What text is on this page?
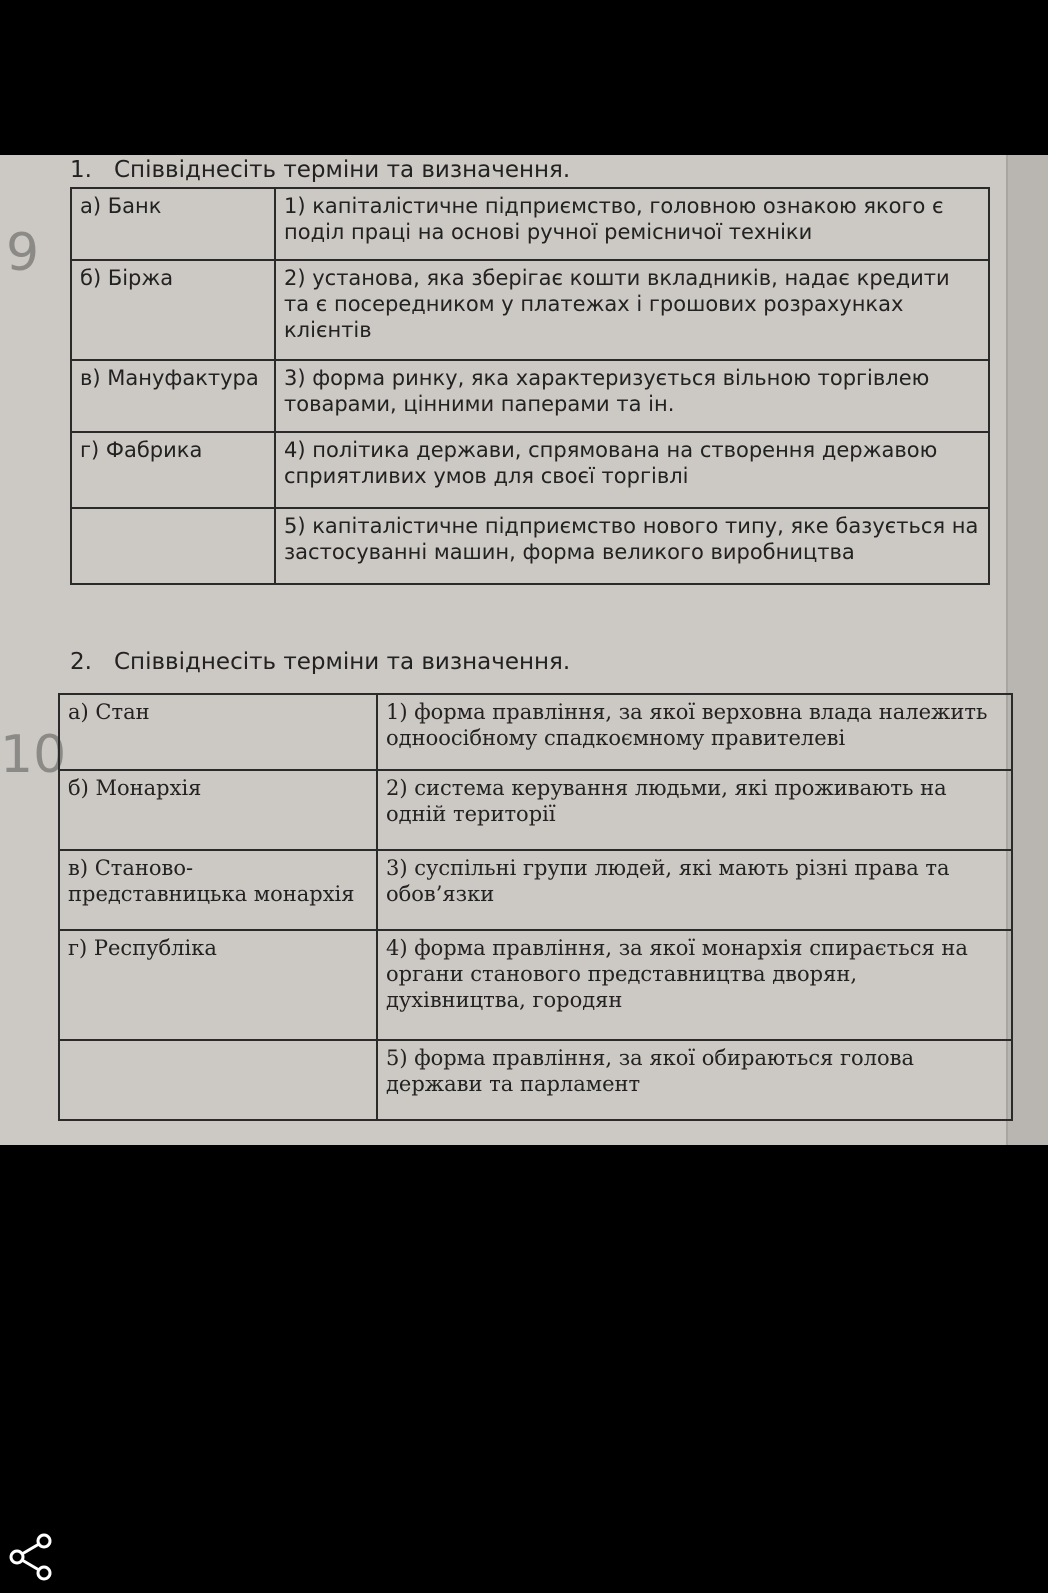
9
10
1. Співвіднесіть терміни та визначення.
а) Банк	1) капіталістичне підприємство, головною ознакою якого є поділ праці на основі ручної ремісничої техніки
б) Біржа	2) установа, яка зберігає кошти вкладників, надає кредити та є посередником у платежах і грошових розрахунках клієнтів
в) Мануфактура	3) форма ринку, яка характеризується вільною торгівлею товарами, цінними паперами та ін.
г) Фабрика	4) політика держави, спрямована на створення державою сприятливих умов для своєї торгівлі
	5) капіталістичне підприємство нового типу, яке базується на застосуванні машин, форма великого виробництва
2. Співвіднесіть терміни та визначення.
а) Стан	1) форма правління, за якої верховна влада належить одноосібному спадкоємному правителеві
б) Монархія	2) система керування людьми, які проживають на одній території
в) Станово-представницька монархія	3) суспільні групи людей, які мають різні права та обов’язки
г) Республіка	4) форма правління, за якої монархія спирається на органи станового представництва дворян, духівництва, городян
	5) форма правління, за якої обираються голова держави та парламент
